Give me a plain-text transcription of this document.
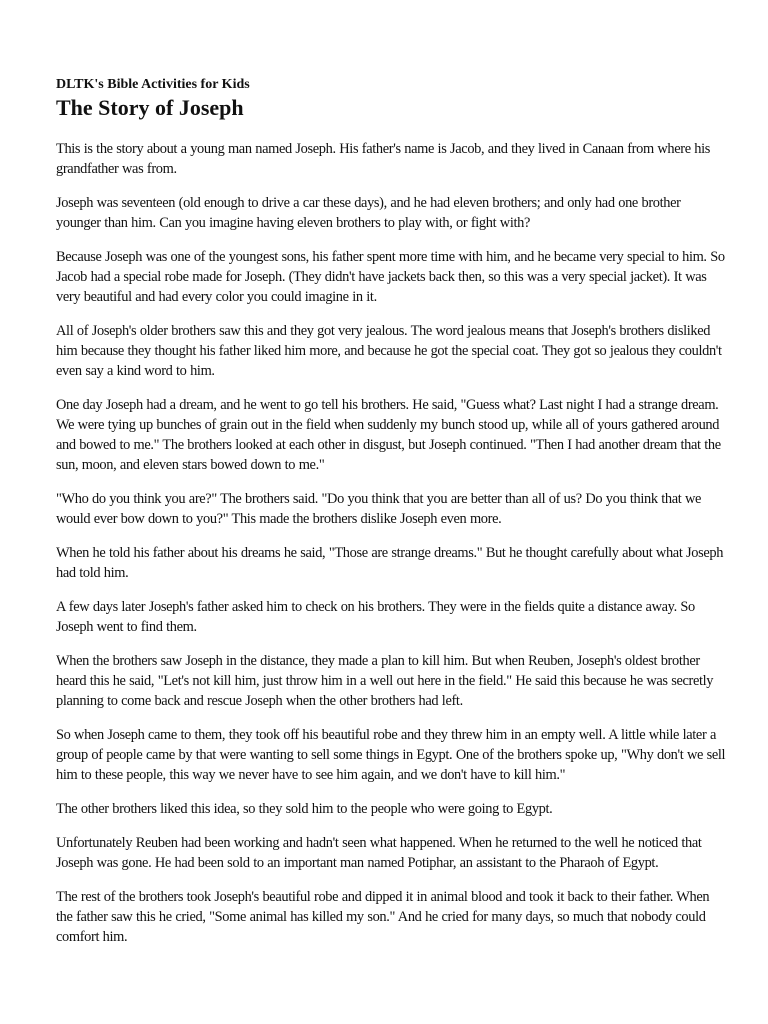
DLTK's Bible Activities for Kids
The Story of Joseph

This is the story about a young man named Joseph. His father's name is Jacob, and they lived in Canaan from where his grandfather was from.

Joseph was seventeen (old enough to drive a car these days), and he had eleven brothers; and only had one brother younger than him. Can you imagine having eleven brothers to play with, or fight with?

Because Joseph was one of the youngest sons, his father spent more time with him, and he became very special to him. So Jacob had a special robe made for Joseph. (They didn't have jackets back then, so this was a very special jacket). It was very beautiful and had every color you could imagine in it.

All of Joseph's older brothers saw this and they got very jealous. The word jealous means that Joseph's brothers disliked him because they thought his father liked him more, and because he got the special coat. They got so jealous they couldn't even say a kind word to him.

One day Joseph had a dream, and he went to go tell his brothers. He said, "Guess what? Last night I had a strange dream. We were tying up bunches of grain out in the field when suddenly my bunch stood up, while all of yours gathered around and bowed to me." The brothers looked at each other in disgust, but Joseph continued. "Then I had another dream that the sun, moon, and eleven stars bowed down to me."

"Who do you think you are?" The brothers said. "Do you think that you are better than all of us? Do you think that we would ever bow down to you?" This made the brothers dislike Joseph even more.

When he told his father about his dreams he said, "Those are strange dreams." But he thought carefully about what Joseph had told him.

A few days later Joseph's father asked him to check on his brothers. They were in the fields quite a distance away. So Joseph went to find them.

When the brothers saw Joseph in the distance, they made a plan to kill him. But when Reuben, Joseph's oldest brother heard this he said, "Let's not kill him, just throw him in a well out here in the field." He said this because he was secretly planning to come back and rescue Joseph when the other brothers had left.

So when Joseph came to them, they took off his beautiful robe and they threw him in an empty well. A little while later a group of people came by that were wanting to sell some things in Egypt. One of the brothers spoke up, "Why don't we sell him to these people, this way we never have to see him again, and we don't have to kill him."

The other brothers liked this idea, so they sold him to the people who were going to Egypt.

Unfortunately Reuben had been working and hadn't seen what happened. When he returned to the well he noticed that Joseph was gone. He had been sold to an important man named Potiphar, an assistant to the Pharaoh of Egypt.

The rest of the brothers took Joseph's beautiful robe and dipped it in animal blood and took it back to their father. When the father saw this he cried, "Some animal has killed my son." And he cried for many days, so much that nobody could comfort him.
